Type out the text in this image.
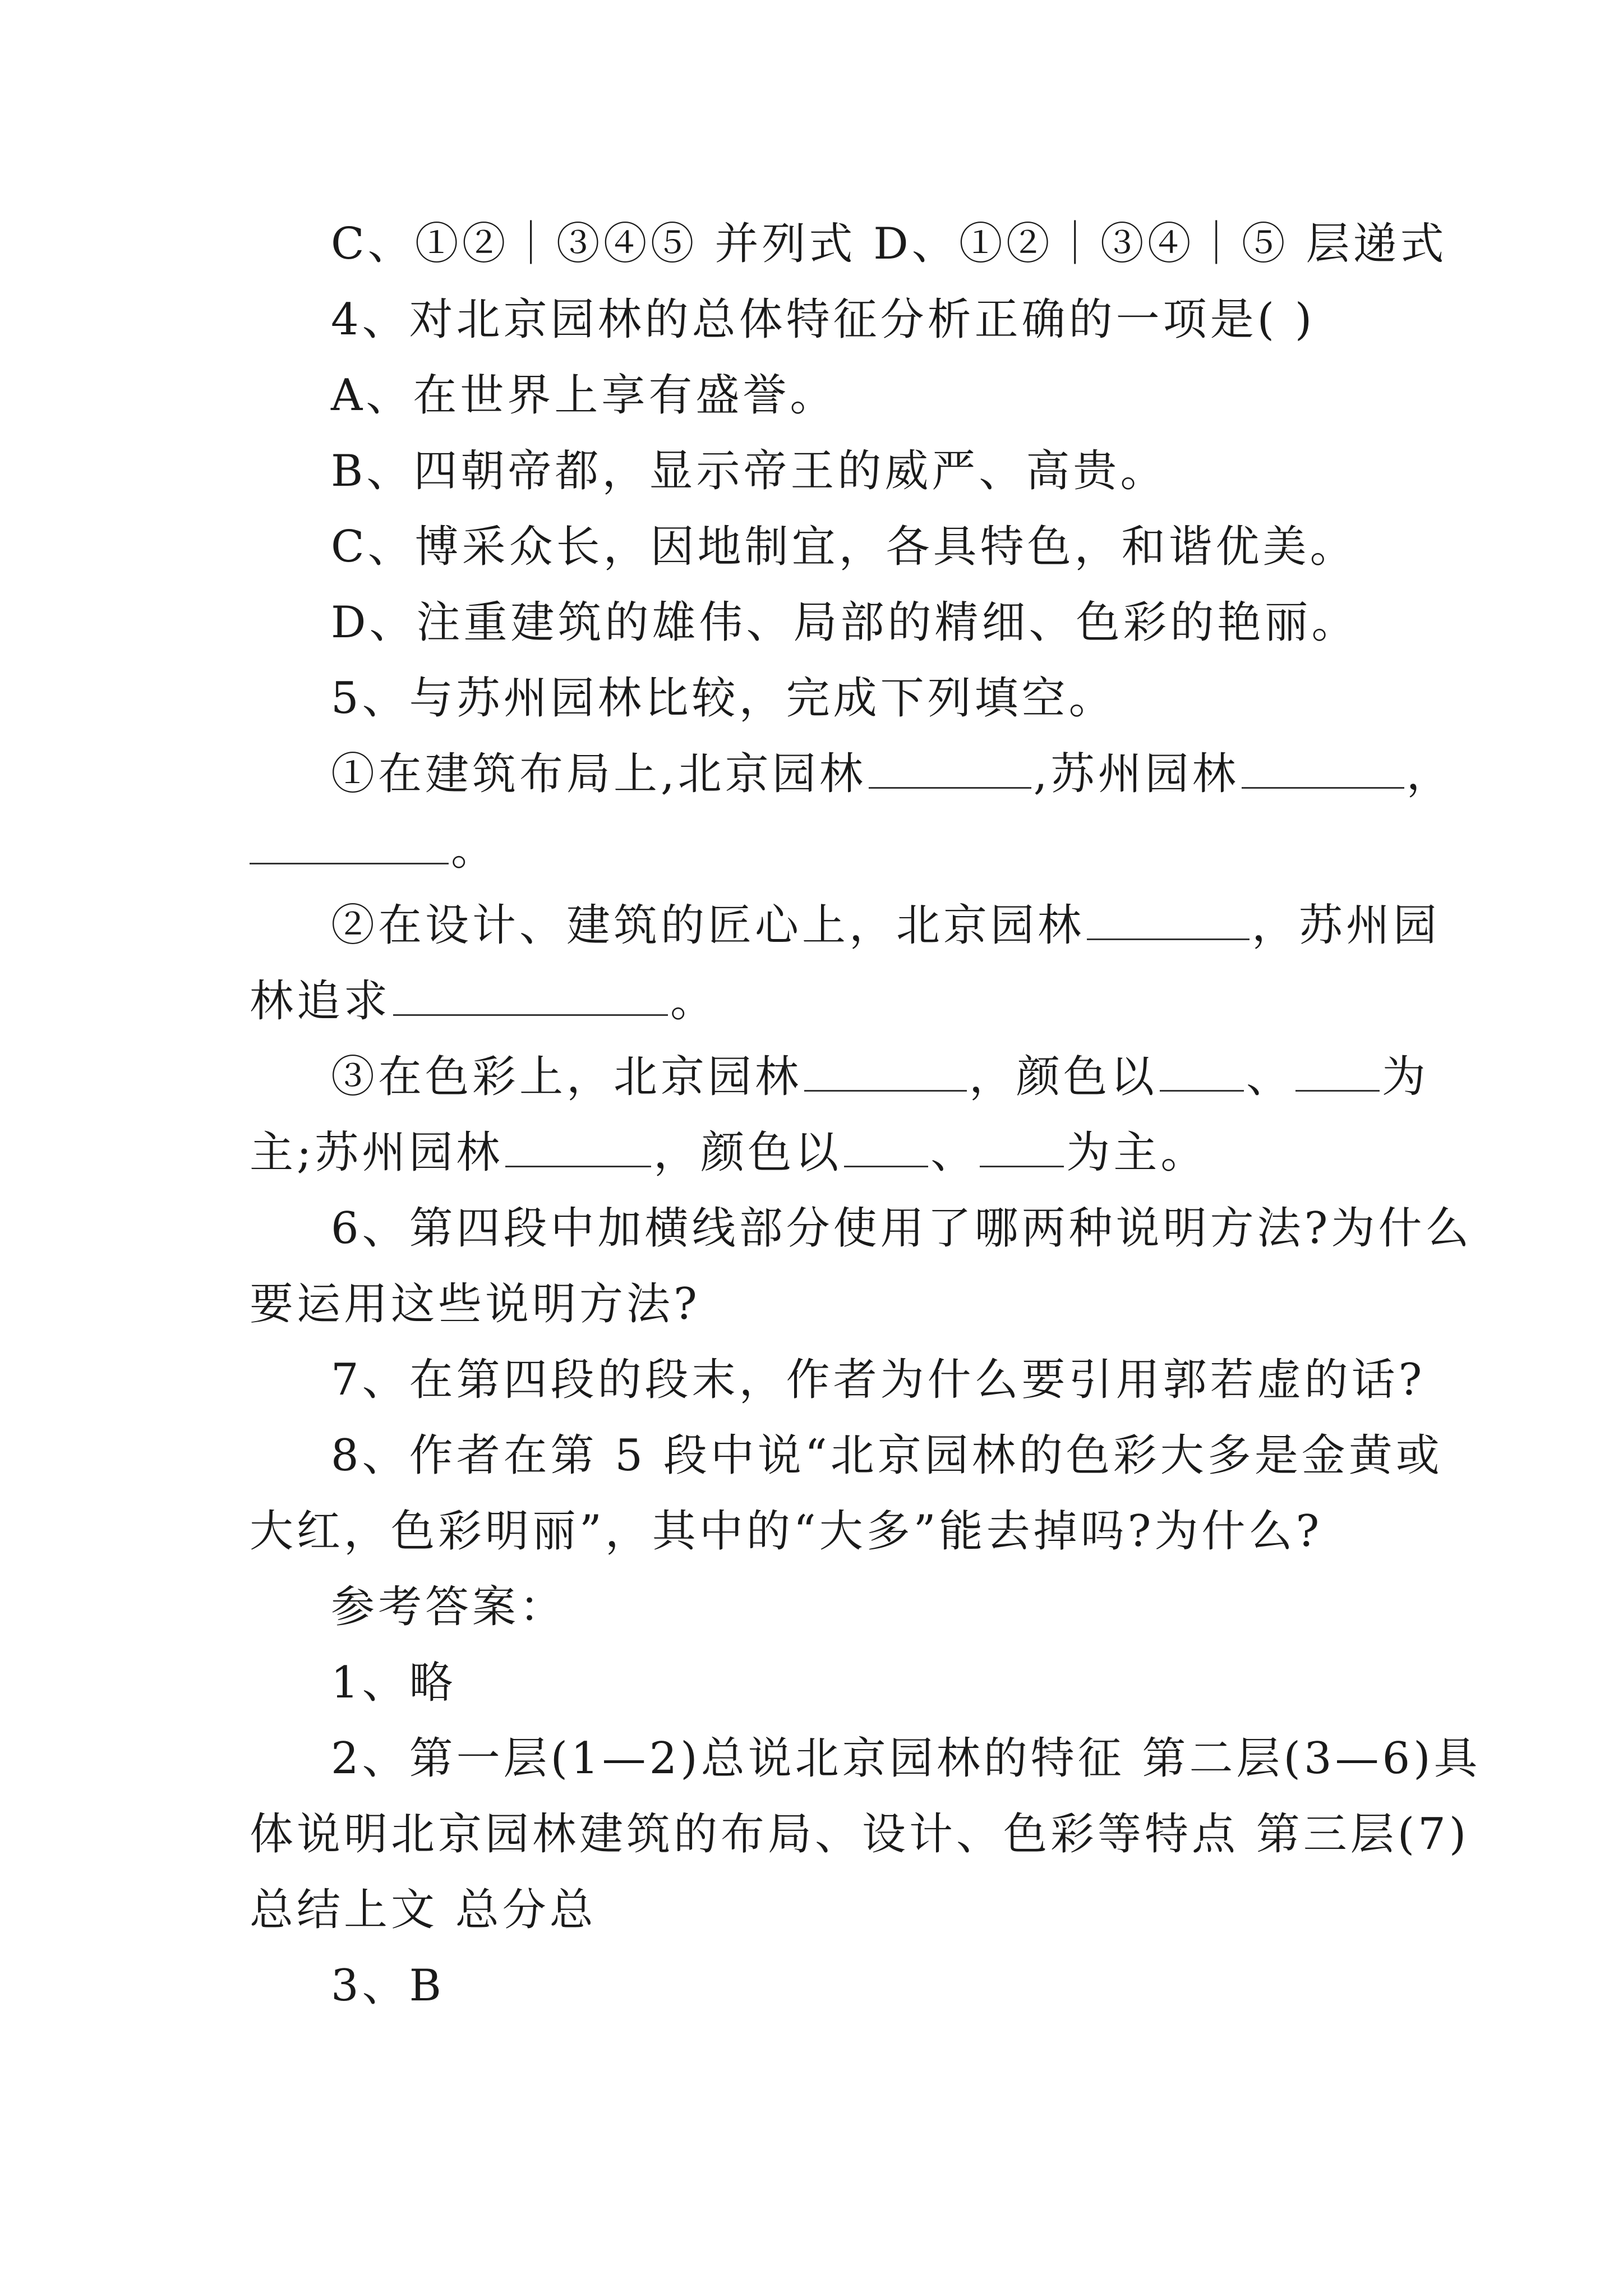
C、①②｜③④⑤ 并列式 D、①②｜③④｜⑤ 层递式
4、对北京园林的总体特征分析正确的一项是( )
A、在世界上享有盛誉。
B、四朝帝都，显示帝王的威严、高贵。
C、博采众长，因地制宜，各具特色，和谐优美。
D、注重建筑的雄伟、局部的精细、色彩的艳丽。
5、与苏州园林比较，完成下列填空。
①在建筑布局上,北京园林	,苏州园林	，
。
②在设计、建筑的匠心上，北京园林	，苏州园
林追求	。
③在色彩上，北京园林	，颜色以 、 为
主;苏州园林	，颜色以 、 为主。
6、第四段中加横线部分使用了哪两种说明方法?为什么
要运用这些说明方法?
7、在第四段的段末，作者为什么要引用郭若虚的话?
8、作者在第 5 段中说“北京园林的色彩大多是金黄或
大红，色彩明丽”，其中的“大多”能去掉吗?为什么?
参考答案：
1、略
2、第一层(1—2)总说北京园林的特征 第二层(3—6)具
体说明北京园林建筑的布局、设计、色彩等特点 第三层(7)
总结上文 总分总
3、B
